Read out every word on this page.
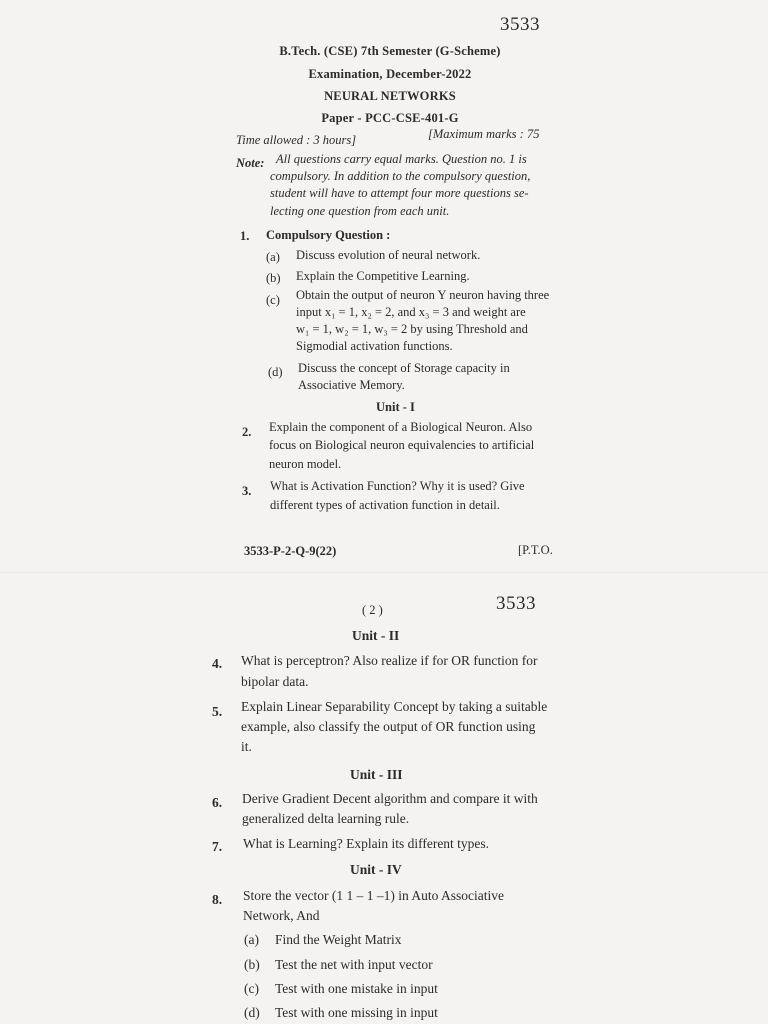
3533
B.Tech. (CSE) 7th Semester (G-Scheme)
Examination, December-2022
NEURAL NETWORKS
Paper - PCC-CSE-401-G
Time allowed : 3 hours]	[Maximum marks : 75
Note: All questions carry equal marks. Question no. 1 is
compulsory. In addition to the compulsory question,
student will have to attempt four more questions se-
lecting one question from each unit.
1. Compulsory Question :
(a) Discuss evolution of neural network.
(b) Explain the Competitive Learning.
(c) Obtain the output of neuron Y neuron having three
input x₁ = 1, x₂ = 2, and x₃ = 3 and weight are
w₁ = 1, w₂ = 1, w₃ = 2 by using Threshold and
Sigmodial activation functions.
(d) Discuss the concept of Storage capacity in
Associative Memory.
Unit - I
2. Explain the component of a Biological Neuron. Also
focus on Biological neuron equivalencies to artificial
neuron model.
3. What is Activation Function? Why it is used? Give
different types of activation function in detail.
3533-P-2-Q-9(22)	[P.T.O.
( 2 )	3533
Unit - II
4. What is perceptron? Also realize if for OR function for
bipolar data.
5. Explain Linear Separability Concept by taking a suitable
example, also classify the output of OR function using
it.
Unit - III
6. Derive Gradient Decent algorithm and compare it with
generalized delta learning rule.
7. What is Learning? Explain its different types.
Unit - IV
8. Store the vector (1 1 – 1 –1) in Auto Associative
Network, And
(a) Find the Weight Matrix
(b) Test the net with input vector
(c) Test with one mistake in input
(d) Test with one missing in input
